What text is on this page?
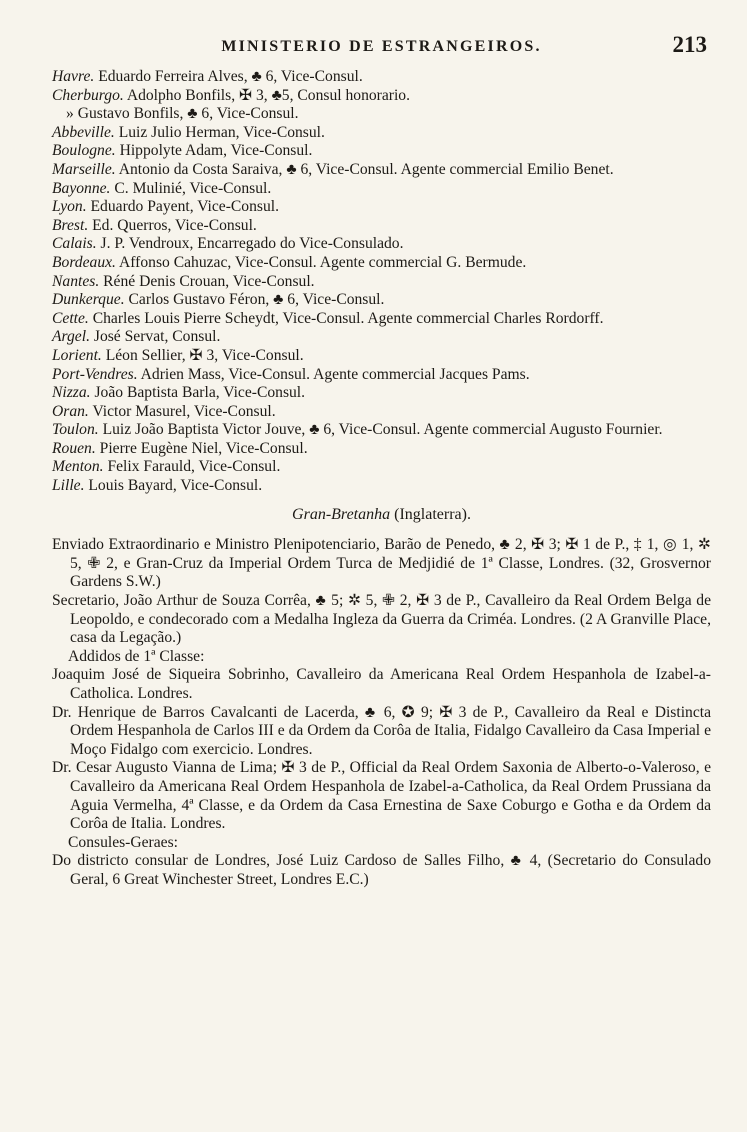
MINISTERIO DE ESTRANGEIROS.	213

Havre. Eduardo Ferreira Alves, ♣ 6, Vice-Consul.

Cherburgo. Adolpho Bonfils, ✠ 3, ♣5, Consul honorario.

» Gustavo Bonfils, ♣ 6, Vice-Consul.

Abbeville. Luiz Julio Herman, Vice-Consul.

Boulogne. Hippolyte Adam, Vice-Consul.

Marseille. Antonio da Costa Saraiva, ♣ 6, Vice-Consul. Agente commercial Emilio Benet.

Bayonne. C. Mulinié, Vice-Consul.

Lyon. Eduardo Payent, Vice-Consul.

Brest. Ed. Querros, Vice-Consul.

Calais. J. P. Vendroux, Encarregado do Vice-Consulado.

Bordeaux. Affonso Cahuzac, Vice-Consul. Agente commercial G. Bermude.

Nantes. Réné Denis Crouan, Vice-Consul.

Dunkerque. Carlos Gustavo Féron, ♣ 6, Vice-Consul.

Cette. Charles Louis Pierre Scheydt, Vice-Consul. Agente commercial Charles Rordorff.

Argel. José Servat, Consul.

Lorient. Léon Sellier, ✠ 3, Vice-Consul.

Port-Vendres. Adrien Mass, Vice-Consul. Agente commercial Jacques Pams.

Nizza. João Baptista Barla, Vice-Consul.

Oran. Victor Masurel, Vice-Consul.

Toulon. Luiz João Baptista Victor Jouve, ♣ 6, Vice-Consul. Agente commercial Augusto Fournier.

Rouen. Pierre Eugène Niel, Vice-Consul.

Menton. Felix Farauld, Vice-Consul.

Lille. Louis Bayard, Vice-Consul.

Gran-Bretanha (Inglaterra).

Enviado Extraordinario e Ministro Plenipotenciario, Barão de Penedo, ♣ 2, ✠ 3; ✠ 1 de P., ‡ 1, ◎ 1, ✲ 5, ✙ 2, e Gran-Cruz da Imperial Ordem Turca de Medjidié de 1ª Classe, Londres. (32, Grosvernor Gardens S.W.)

Secretario, João Arthur de Souza Corrêa, ♣ 5; ✲ 5, ✙ 2, ✠ 3 de P., Cavalleiro da Real Ordem Belga de Leopoldo, e condecorado com a Medalha Ingleza da Guerra da Criméa. Londres. (2 A Granville Place, casa da Legação.)

Addidos de 1ª Classe:

Joaquim José de Siqueira Sobrinho, Cavalleiro da Americana Real Ordem Hespanhola de Izabel-a-Catholica. Londres.

Dr. Henrique de Barros Cavalcanti de Lacerda, ♣ 6, ✪ 9; ✠ 3 de P., Cavalleiro da Real e Distincta Ordem Hespanhola de Carlos III e da Ordem da Corôa de Italia, Fidalgo Cavalleiro da Casa Imperial e Moço Fidalgo com exercicio. Londres.

Dr. Cesar Augusto Vianna de Lima; ✠ 3 de P., Official da Real Ordem Saxonia de Alberto-o-Valeroso, e Cavalleiro da Americana Real Ordem Hespanhola de Izabel-a-Catholica, da Real Ordem Prussiana da Aguia Vermelha, 4ª Classe, e da Ordem da Casa Ernestina de Saxe Coburgo e Gotha e da Ordem da Corôa de Italia. Londres.

Consules-Geraes:

Do districto consular de Londres, José Luiz Cardoso de Salles Filho, ♣ 4, (Secretario do Consulado Geral, 6 Great Winchester Street, Londres E.C.)
